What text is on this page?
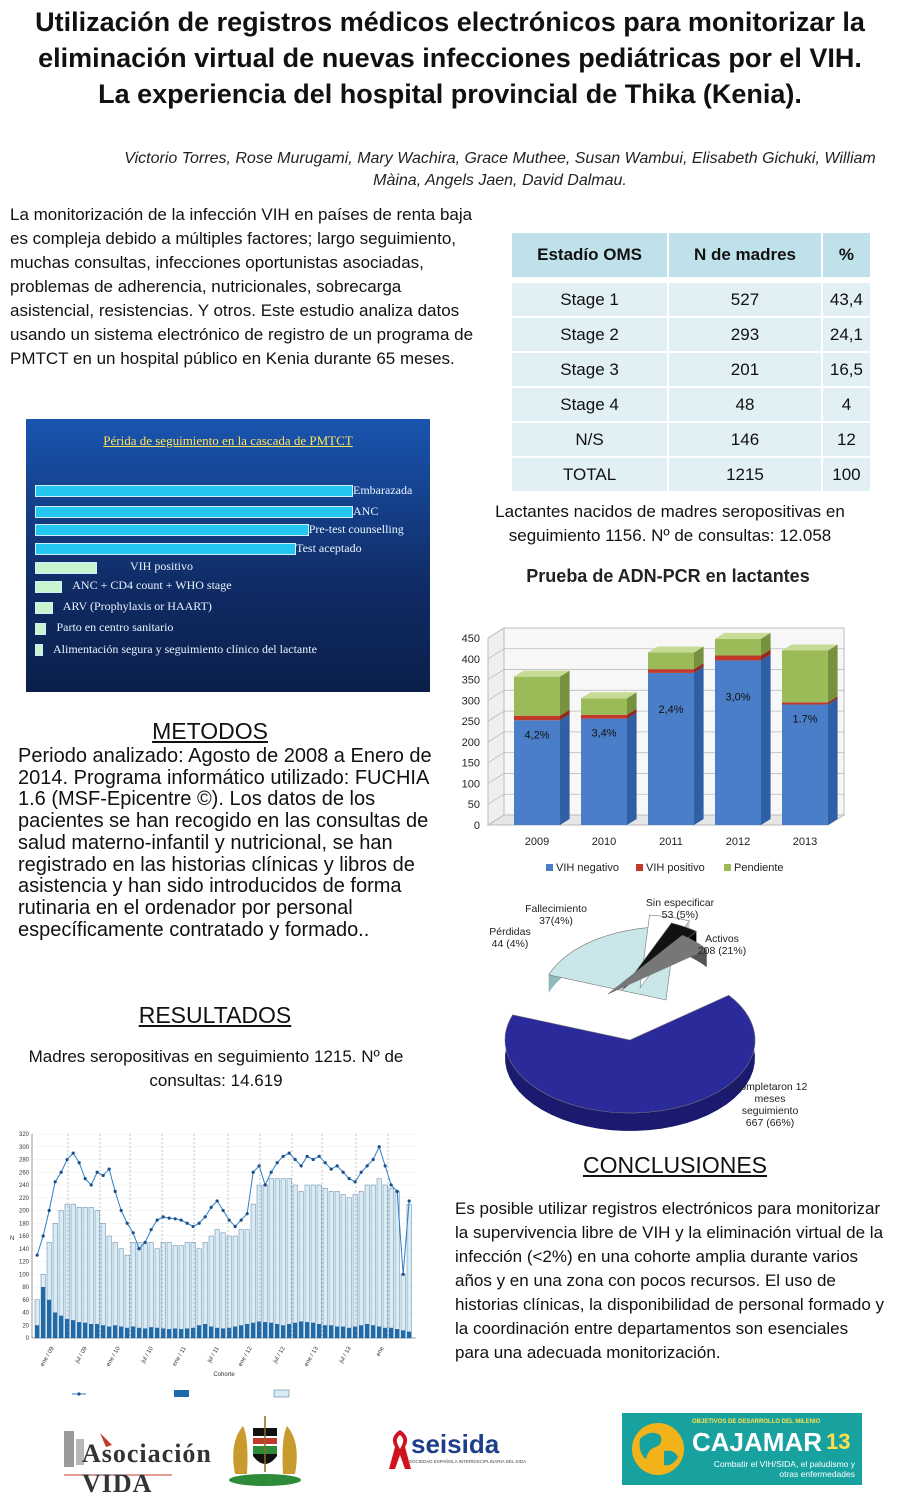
Utilización de registros médicos electrónicos para monitorizar la eliminación virtual de nuevas infecciones pediátricas por el VIH. La experiencia del hospital provincial de Thika (Kenia).
Victorio Torres, Rose Murugami, Mary Wachira, Grace Muthee, Susan Wambui, Elisabeth Gichuki, William Màina, Angels Jaen, David Dalmau.
La monitorización de la infección VIH en países de renta baja es compleja debido a múltiples factores; largo seguimiento, muchas consultas, infecciones oportunistas asociadas, problemas de adherencia, nutricionales, sobrecarga asistencial, resistencias. Y otros. Este estudio analiza datos usando un sistema electrónico de registro de un programa de PMTCT en un hospital público en Kenia durante 65 meses.
Estadío OMS	N de madres	%
Stage 1	527	43,4
Stage 2	293	24,1
Stage 3	201	16,5
Stage 4	48	4
N/S	146	12
TOTAL	1215	100
Périda de seguimiento en la cascada de PMTCT
Embarazada
ANC
Pre-test counselling
Test aceptado
VIH positivo
ANC + CD4 count + WHO stage
ARV (Prophylaxis or HAART)
Parto en centro sanitario
Alimentación segura y seguimiento clínico del lactante
Lactantes nacidos de madres seropositivas en seguimiento 1156. Nº de consultas: 12.058
Prueba de ADN-PCR en lactantes
0
50
100
150
200
250
300
350
400
450
2009
4,2%
2010
3,4%
2011
2,4%
2012
3,0%
2013
1.7%
VIH negativo VIH positivo	Pendiente
METODOS
Periodo analizado: Agosto de 2008 a Enero de 2014. Programa informático utilizado: FUCHIA 1.6 (MSF-Epicentre ©). Los datos de los pacientes se han recogido en las consultas de salud materno-infantil y nutricional, se han registrado en las historias clínicas y libros de asistencia y han sido introducidos de forma rutinaria en el ordenador por personal específicamente contratado y formado..
Completaron 12
meses
seguimiento
667 (66%)
Activos
208 (21%)
Sin especificar
53 (5%)
Fallecimiento
37(4%)
Pérdidas
44 (4%)
RESULTADOS
Madres seropositivas en seguimiento 1215. Nº de consultas: 14.619
0
20
40
60
80
100
120
140
160
180
200
220
240
260
280
300
320
N
ene / 09	jul / 09	ene / 10	jul / 10	ene / 11	jul / 11	ene / 12	jul / 12	ene / 13	jul / 13	ene
Cohorte
CONCLUSIONES
Es posible utilizar registros electrónicos para monitorizar la supervivencia libre de VIH y la eliminación virtual de la infección (<2%) en una cohorte amplia durante varios años y en una zona con pocos recursos. El uso de historias clínicas, la disponibilidad de personal formado y la coordinación entre departamentos son esenciales para una adecuada monitorización.
Asociación VIDA
seisida
SOCIEDAD ESPAÑOLA INTERDISCIPLINARIA DEL SIDA
OBJETIVOS DE DESARROLLO DEL MILENIO
CAJAMAR 13
Combatir el VIH/SIDA, el paludismo y otras enfermedades
